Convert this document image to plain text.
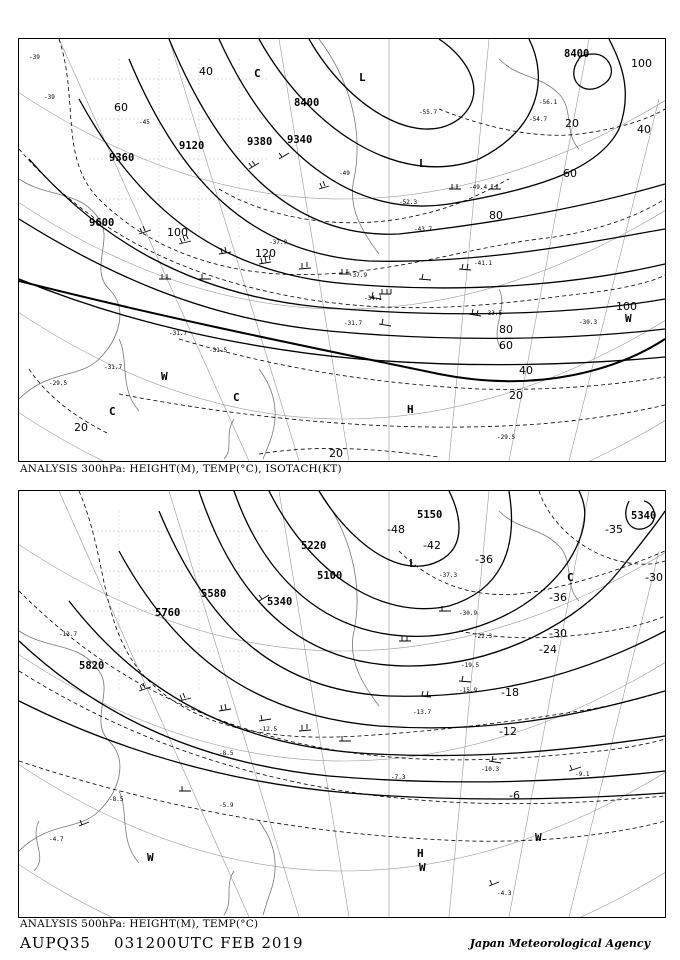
8400
8400
9120
9360
9380 9340
9600
20
40
60
80
100
120
20
40
60
80
100
40
20
60
20
100
-55.7
-56.1
-54.7
-52.3
-49.4
-43.7
-41.1
-37.9
-34.1
-33.5
-31.7
-31.5
-30.3
-29.5
-29.5
-39
-39
-45
-49
-31.7
-31.7
-37.9
L
L
C
C
C	H
W
W
ANALYSIS 300hPa: HEIGHT(M), TEMP(°C), ISOTACH(KT)
5100
5340
5220
5580
5340
5760
5820
5150
-42
-36
-36
-35
-30
-30
-24
-18
-12
-6
-48
-37.3
-30.9
-22.3
-19.5
-15.9
-13.7
-10.3
-9.1
-7.3
-5.9
-4.7
-4.3
-8.5
-12.5
-13.7
-8.5
L
C
H
W
W
W
ANALYSIS 500hPa: HEIGHT(M), TEMP(°C)
AUPQ35 031200UTC FEB 2019	Japan Meteorological Agency
